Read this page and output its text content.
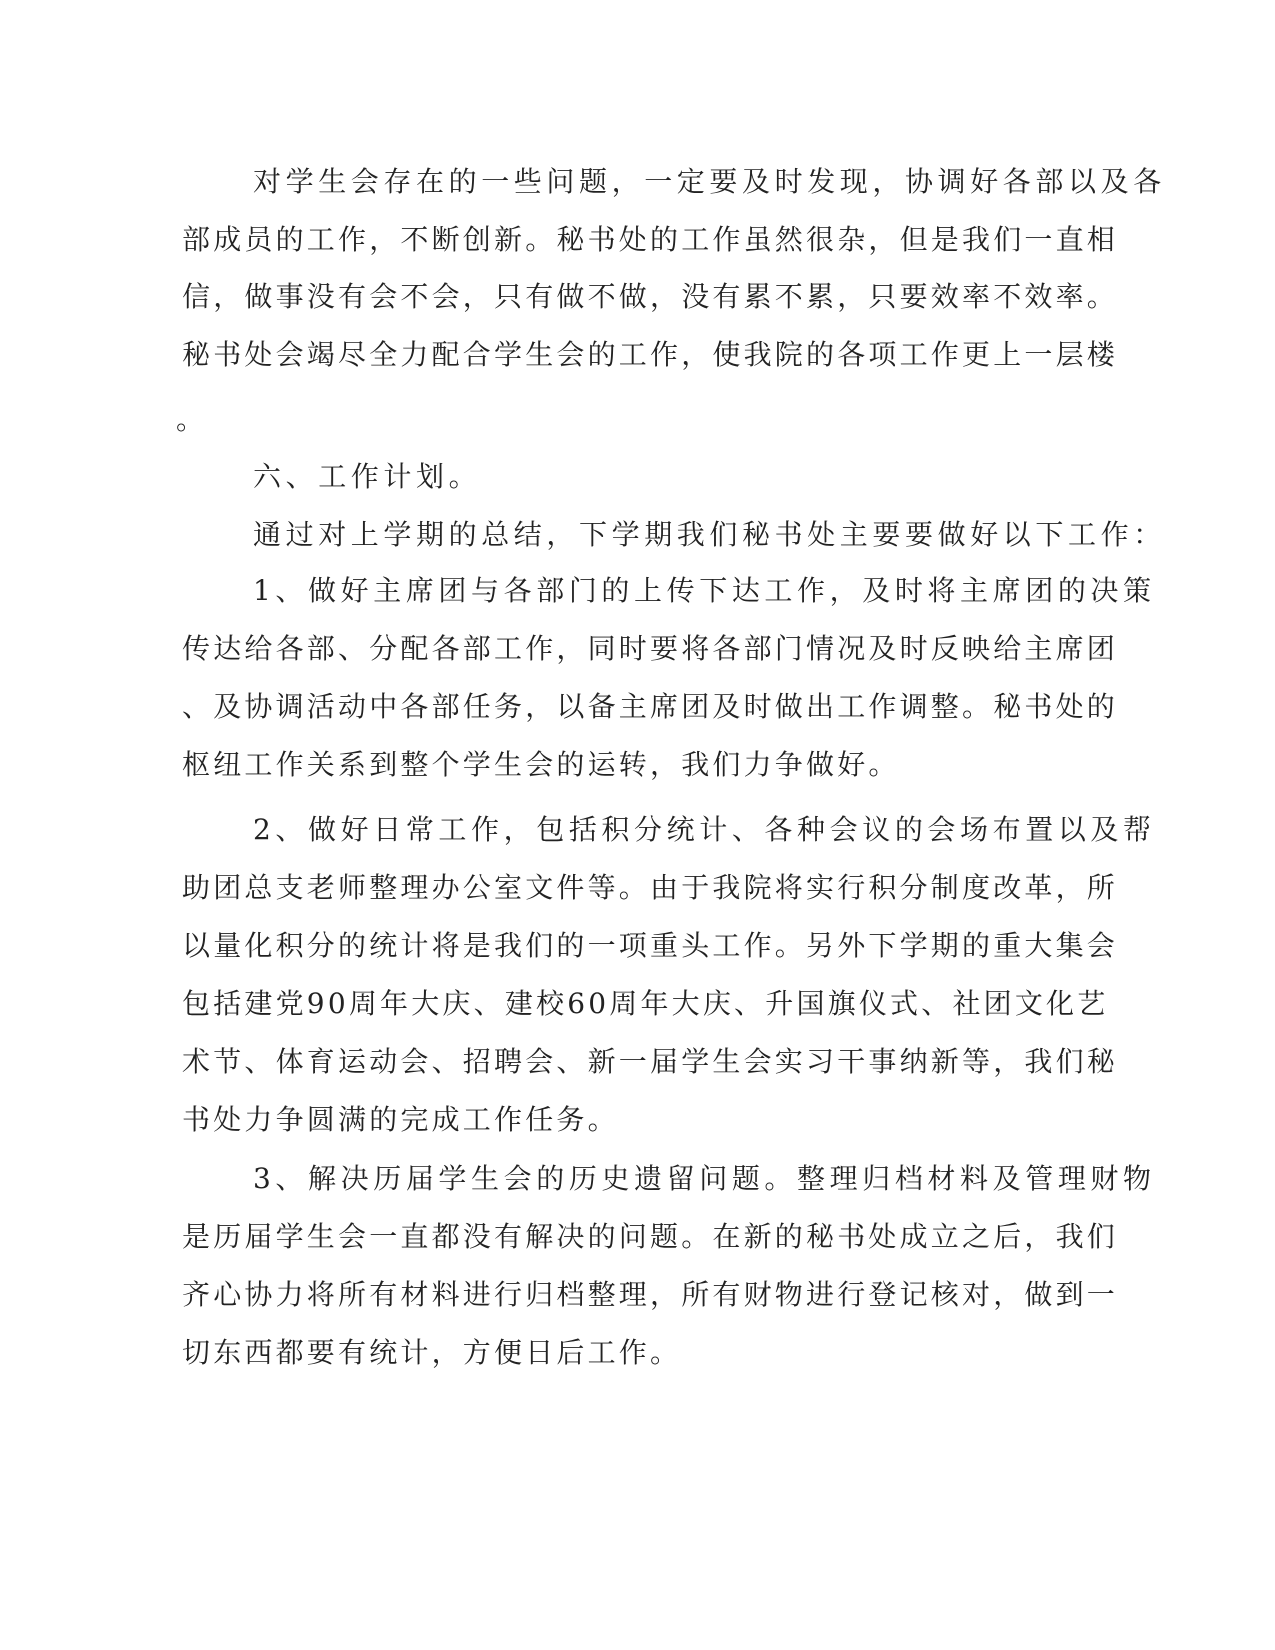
对学生会存在的一些问题，一定要及时发现，协调好各部以及各
部成员的工作，不断创新。秘书处的工作虽然很杂，但是我们一直相
信，做事没有会不会，只有做不做，没有累不累，只要效率不效率。
秘书处会竭尽全力配合学生会的工作，使我院的各项工作更上一层楼
。
六、工作计划。
通过对上学期的总结，下学期我们秘书处主要要做好以下工作：
1、做好主席团与各部门的上传下达工作，及时将主席团的决策
传达给各部、分配各部工作，同时要将各部门情况及时反映给主席团
、及协调活动中各部任务，以备主席团及时做出工作调整。秘书处的
枢纽工作关系到整个学生会的运转，我们力争做好。
2、做好日常工作，包括积分统计、各种会议的会场布置以及帮
助团总支老师整理办公室文件等。由于我院将实行积分制度改革，所
以量化积分的统计将是我们的一项重头工作。另外下学期的重大集会
包括建党90周年大庆、建校60周年大庆、升国旗仪式、社团文化艺
术节、体育运动会、招聘会、新一届学生会实习干事纳新等，我们秘
书处力争圆满的完成工作任务。
3、解决历届学生会的历史遗留问题。整理归档材料及管理财物
是历届学生会一直都没有解决的问题。在新的秘书处成立之后，我们
齐心协力将所有材料进行归档整理，所有财物进行登记核对，做到一
切东西都要有统计，方便日后工作。
